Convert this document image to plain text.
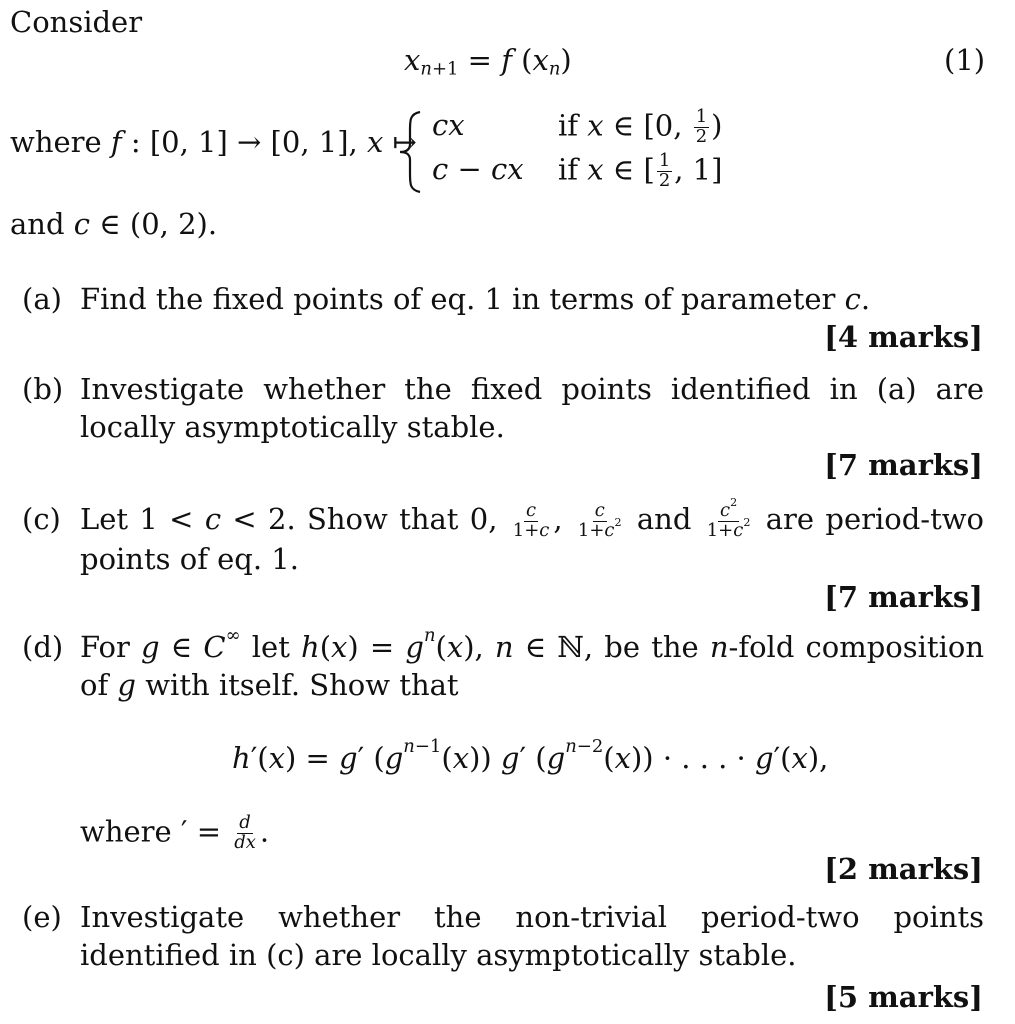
Consider
$x_{n+1} = f$ $(x_n)$	(1)
where f : [0, 1] → [0, 1], x ↦ cx	if x ∈ [0, $\frac{1}{2}$ )
c − cx if x ∈ [ $\frac{1}{2}$ , 1]
and c ∈ (0, 2).
(a) Find the fixed points of eq. 1 in terms of parameter c.
[4 marks]
(b) Investigate whether the fixed points identified in (a) are locally asymptotically stable.
[7 marks]
(c) Let 1 < c < 2. Show that 0, $\frac{c}{1+c}$ , $\frac{c}{1+c^2}$ and $\frac{c^2}{1+c^2}$ are period-two points of eq. 1.
[7 marks]
(d) For g ∈ C∞ let $h(x) = g^n(x)$, n ∈ ℕ, be the n-fold composition of g with itself. Show that
h′(x) = g′ $(g^{n-1}(x))$ g′ $(g^{n-2}(x))$ · . . . · g′(x),
where ′ = $\frac{d}{dx}$ .
[2 marks]
(e) Investigate whether the non-trivial period-two points identified in (c) are locally asymptotically stable.
[5 marks]
